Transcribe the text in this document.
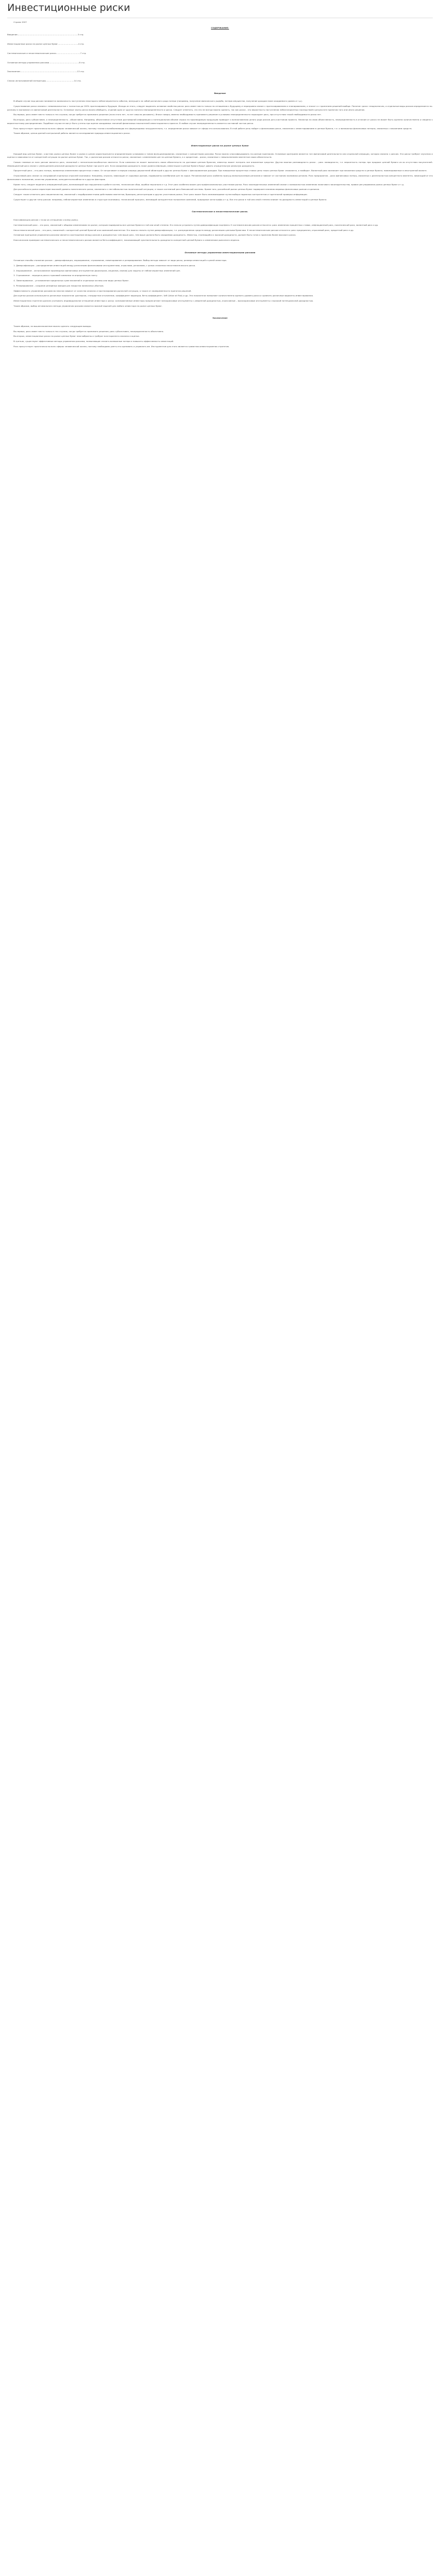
Инвестиционные риски

Страна 2007

СОДЕРЖАНИЕ:
Введение............................................................................................3 стр.
Инвестиционные риски на рынке ценных бумаг...............................4 стр.
Систематические и несистематические риски.....................................7 стр.
Основные методы управления рисками..............................................8 стр.
Заключение.......................................................................................13 стр.
Список использованной литературы...........................................14 стр.

Введение

В общем случае под риском понимается возможность наступления некоторого неблагоприятного события, влекущего за собой различного рода потери (например, получение физического ущерба, потерю имущества, получение доходов ниже ожидаемого уровня и т.д.).

Существование риска связано с невозможностью с точностью до 100% прогнозировать будущее. Исходя из этого, следует выделить основное свойство риска: риск имеет место только по отношению к будущему и неразрывно связан с прогнозированием и планированием, а значит и с принятием решений вообще. Понятие «риск» неоднозначно, а отдельные виды рисков определяются по-разному в экономике и в финансовой деятельности. Основные черты риска можно обобщить, отделив одни от других понятия неопределенности и риска. Следует отметить, что это не всегда можно сделать, так как риски - это вероятность наступления неблагоприятных последствий в результате принятия того или иного решения.

Во-первых, риск имеет место только в тех случаях, когда требуется принимать решение (если этого нет, то нет смысла рисковать). Иначе говоря, именно необходимость принимать решение в условиях неопределенности порождает риск, при отсутствии такой необходимости риска нет.

Во-вторых, риск субъективен, а неопределенность - объективна. Например, объективное отсутствие достоверной информации о потенциальном объеме спроса на производимую продукцию приводит к возникновению целого ряда рисков для участников проекта. Несмотря на свою объективность, неопределенность в отличие от риска не может быть оценена количественно и сведена к вероятностному распределению. Подобные случаи не могут быть учтены при оценке ожидаемых значений финансовых показателей инвестиционного проекта. В любом случае неопределенность является составной частью риска.

Риск присутствует практически во всех сферах человеческой жизни, поэтому точная и всеобъемлющая его формулировка затруднительна, т.к. определение риска зависит от сферы его использования. В этой работе речь пойдет о финансовом риске, связанном с инвестированием в ценные бумаги, т.е. о возможных финансовых потерях, связанных с вложением средств.

Таким образом, целью данной контрольной работы является исследование природы инвестиционного риска.

Инвестиционные риски на рынке ценных бумаг

Каждый вид ценных бумаг, участник рынка ценных бумаг и рынок в целом характеризуются определенными условиями и типом функционирования, связанным с конкретными рисками. Риски можно классифицировать по разным признакам. Основным критерием является тип финансовой деятельности или отдельной операции, которая связана с риском. Эти риски требуют изучения и оценки в зависимости от конкретной ситуации на рынке ценных бумаг. Так, к рыночным рискам относятся риски, связанные с изменением цен на ценные бумаги, а к кредитным – риски, связанные с невыполнением эмитентом своих обязательств.

Самым главным из всех рисков является риск, связанный с неплатежеспособностью эмитента. Если компания не может выполнить своих обязательств по долговым ценным бумагам, инвестор может потерять все вложенные средства. Другая важная разновидность риска – риск ликвидности, т.е. вероятность потерь при продаже ценной бумаги из-за отсутствия покупателей. Инфляционный риск связан с уменьшением реальной доходности ценных бумаг при росте цен. Если ожидаемая доходность ниже уровня инфляции, инвестиции в ценные бумаги будут давать отрицательную реальную доходность.

Процентный риск – это риск потерь, вызванных изменением процентных ставок. Он затрагивает в первую очередь держателей облигаций и других ценных бумаг с фиксированным доходом. При повышении процентных ставок цены таких ценных бумаг снижаются, и наоборот. Валютный риск возникает при вложении средств в ценные бумаги, номинированные в иностранной валюте.

Отраслевой риск связан со спецификой отдельных отраслей экономики. Например, отрасли, зависящие от сырьевых рынков, подвержены колебаниям цен на сырье. Региональный риск особенно присущ моноотраслевым регионам и зависит от состояния экономики региона. Риск предприятия – риск финансовых потерь, связанных с деятельностью конкретного эмитента, зависящий от его финансового положения, качества управления, конкурентоспособности и других факторов.

Кроме того, следует выделить операционный риск, возникающий при нарушениях в работе систем, технические сбои, ошибки персонала и т.д. Этот риск особенно важен для профессиональных участников рынка. Риск законодательных изменений связан с возможностью изменения налогового законодательства, правил регулирования рынка ценных бумаг и т.д.

Для российского рынка характерен высокий уровень политического риска, связанного с нестабильностью политической ситуации, а также системный риск банковской системы. Кроме того, российский рынок ценных бумаг подвержен влиянию мировых финансовых рынков и кризисов.

Следует также отметить риск мошенничества, связанный с недобросовестными действиями эмитентов, брокеров, регистраторов и других участников рынка. Этот риск может быть минимизирован путем выбора надежных контрагентов и тщательной проверки информации.

Существуют и другие типы рисков: например, неблагоприятные изменения в структуре экономики, технический прогресс, меняющий конкурентное положение компаний, природные катастрофы и т.д. Все эти риски в той или иной степени влияют на доходность инвестиций в ценные бумаги.

Систематические и несистематические риски.

Классификация рисков с точки их отношения к всему рынку.

Систематический риск – это риск, связанный с общими изменениями на рынке, которым подвержены все ценные бумаги в той или иной степени. Его нельзя устранить путем диверсификации портфеля. К систематическим рискам относятся: риск изменения процентных ставок, инфляционный риск, политический риск, валютный риск и др.

Несистематический риск – это риск, связанный с конкретной ценной бумагой или компанией-эмитентом. Его можно снизить путем диверсификации, т.е. распределения средств между различными ценными бумагами. К несистематическим рискам относятся: риск предприятия, отраслевой риск, кредитный риск и др.

Основным принципом управления рисками является соотношение между риском и доходностью: чем выше риск, тем выше должна быть ожидаемая доходность. Инвестор, стремящийся к высокой доходности, должен быть готов к принятию более высокого риска.

Классическим примером систематического и несистематического рисков является бета-коэффициент, показывающий чувствительность доходности конкретной ценной бумаги к изменениям рыночного индекса.

Основные методы управления инвестиционными рисками

Основные способы снижения рисков – диверсификация, хеджирование, страхование, лимитирование и резервирование. Выбор метода зависит от вида риска, размера инвестиций и целей инвестора.

1. Диверсификация – распределение инвестиций между различными финансовыми инструментами, отраслями, регионами, с целью снижения несистематического риска.

2. Хеджирование – использование производных финансовых инструментов (фьючерсов, опционов, свопов) для защиты от неблагоприятных изменений цен.

3. Страхование – передача риска страховой компании за определенную плату.

4. Лимитирование – установление предельных сумм вложений в отдельные активы или виды ценных бумаг.

5. Резервирование – создание резервных фондов для покрытия возможных убытков.

Эффективность управления рисками во многом зависит от качества анализа и прогнозирования рыночной ситуации, а также от своевременности принятия решений.

Для оценки рисков используются различные показатели: дисперсия, стандартное отклонение, коэффициент вариации, бета-коэффициент, VaR (Value at Risk) и др. Эти показатели позволяют количественно оценить уровень риска и сравнить различные варианты инвестирования.

Инвестиционная стратегия должна учитывать индивидуальное отношение инвестора к риску: консервативные инвесторы предпочитают низкорисковые инструменты с умеренной доходностью, агрессивные – высокорисковые инструменты с высокой потенциальной доходностью.

Таким образом, выбор оптимального метода управления рисками является важной задачей для любого инвестора на рынке ценных бумаг.

Заключение

Таким образом, на вышеизложенное можно сделать следующие выводы.

Во-первых, риск имеет место только в тех случаях, когда требуется принимать решение; риск субъективен, неопределенность объективна.

Во-вторых, инвестиционные риски на рынке ценных бумаг многообразны и требуют всестороннего анализа и оценки.

В-третьих, существуют эффективные методы управления рисками, позволяющие снизить возможные потери и повысить эффективность инвестиций.

Риск присутствует практически во всех сферах человеческой жизни, поэтому необходимо уметь его оценивать и управлять им. Инструментом для этого является грамотная инвестиционная стратегия.
